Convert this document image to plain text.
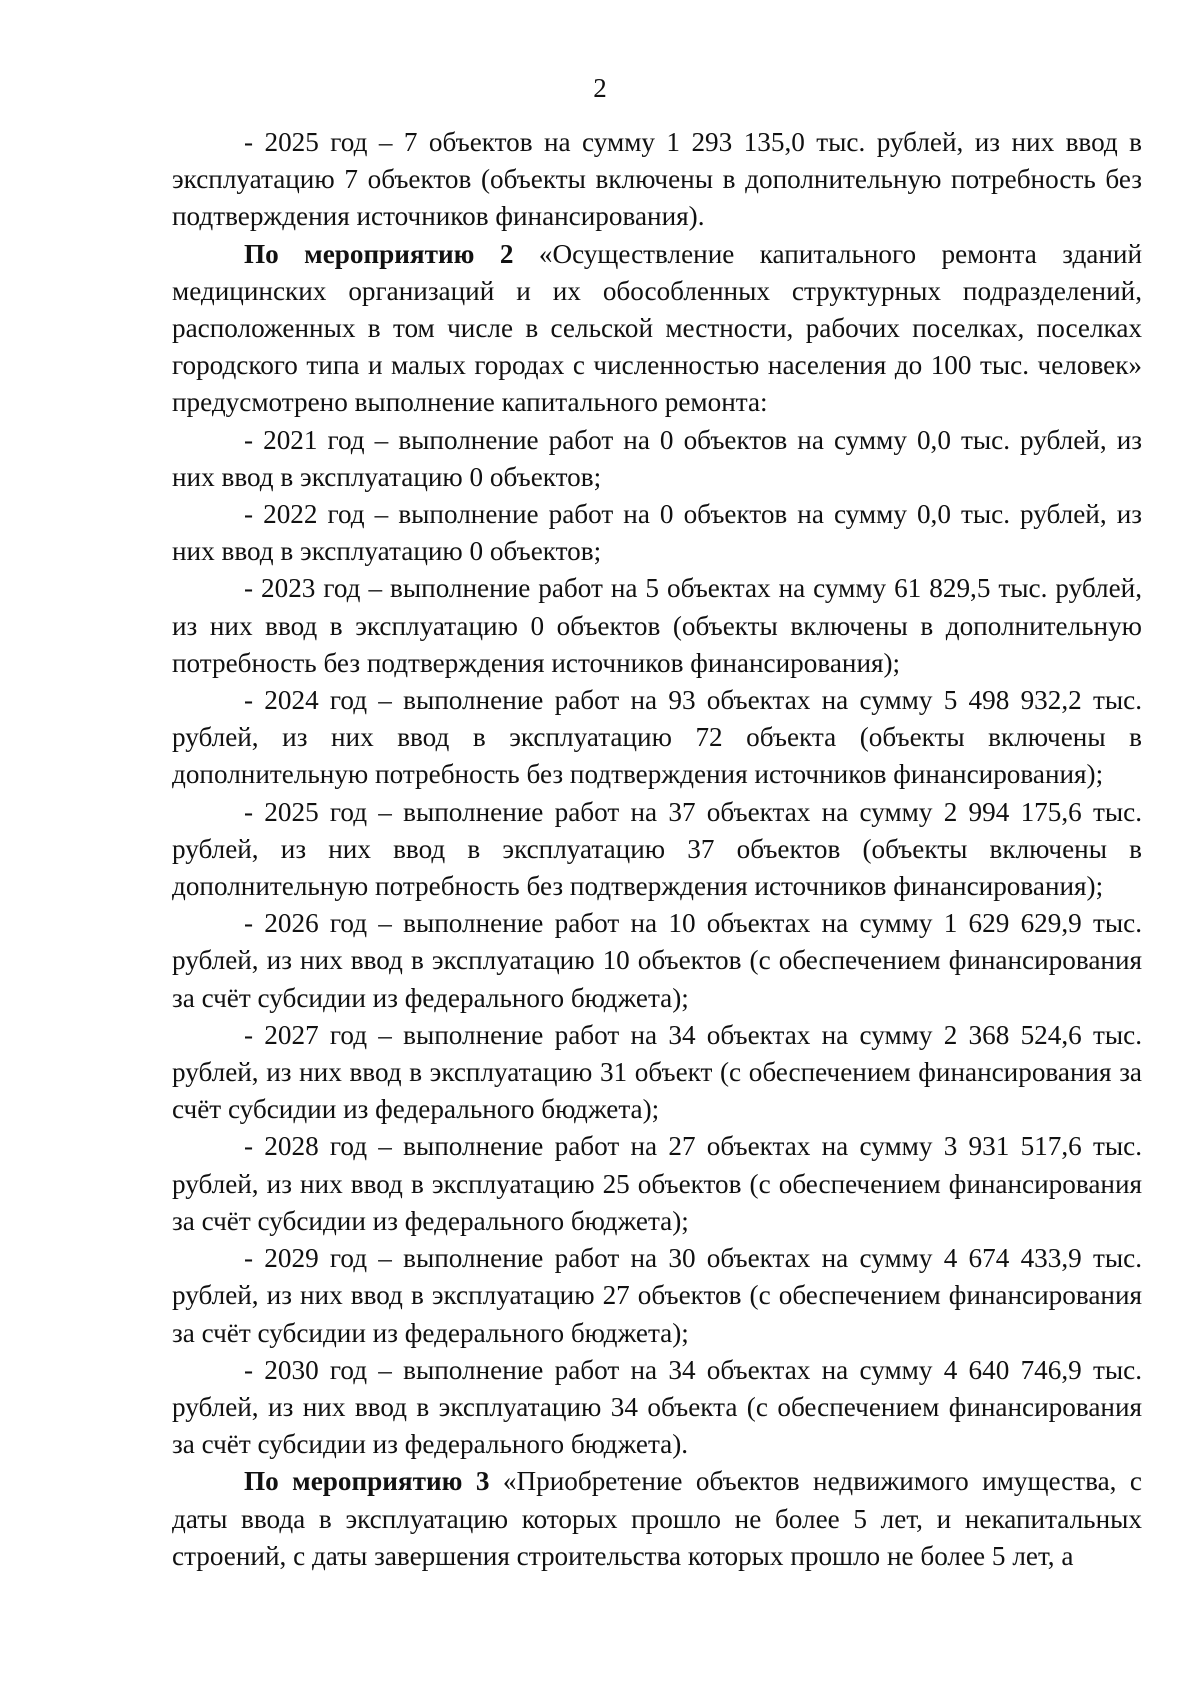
2

- 2025 год – 7 объектов на сумму 1 293 135,0 тыс. рублей, из них ввод в эксплуатацию 7 объектов (объекты включены в дополнительную потребность без подтверждения источников финансирования).

По мероприятию 2 «Осуществление капитального ремонта зданий медицинских организаций и их обособленных структурных подразделений, расположенных в том числе в сельской местности, рабочих поселках, поселках городского типа и малых городах с численностью населения до 100 тыс. человек» предусмотрено выполнение капитального ремонта:

- 2021 год – выполнение работ на 0 объектов на сумму 0,0 тыс. рублей, из них ввод в эксплуатацию 0 объектов;

- 2022 год – выполнение работ на 0 объектов на сумму 0,0 тыс. рублей, из них ввод в эксплуатацию 0 объектов;

- 2023 год – выполнение работ на 5 объектах на сумму 61 829,5 тыс. рублей, из них ввод в эксплуатацию 0 объектов (объекты включены в дополнительную потребность без подтверждения источников финансирования);

- 2024 год – выполнение работ на 93 объектах на сумму 5 498 932,2 тыс. рублей, из них ввод в эксплуатацию 72 объекта (объекты включены в дополнительную потребность без подтверждения источников финансирования);

- 2025 год – выполнение работ на 37 объектах на сумму 2 994 175,6 тыс. рублей, из них ввод в эксплуатацию 37 объектов (объекты включены в дополнительную потребность без подтверждения источников финансирования);

- 2026 год – выполнение работ на 10 объектах на сумму 1 629 629,9 тыс. рублей, из них ввод в эксплуатацию 10 объектов (с обеспечением финансирования за счёт субсидии из федерального бюджета);

- 2027 год – выполнение работ на 34 объектах на сумму 2 368 524,6 тыс. рублей, из них ввод в эксплуатацию 31 объект (с обеспечением финансирования за счёт субсидии из федерального бюджета);

- 2028 год – выполнение работ на 27 объектах на сумму 3 931 517,6 тыс. рублей, из них ввод в эксплуатацию 25 объектов (с обеспечением финансирования за счёт субсидии из федерального бюджета);

- 2029 год – выполнение работ на 30 объектах на сумму 4 674 433,9 тыс. рублей, из них ввод в эксплуатацию 27 объектов (с обеспечением финансирования за счёт субсидии из федерального бюджета);

- 2030 год – выполнение работ на 34 объектах на сумму 4 640 746,9 тыс. рублей, из них ввод в эксплуатацию 34 объекта (с обеспечением финансирования за счёт субсидии из федерального бюджета).

По мероприятию 3 «Приобретение объектов недвижимого имущества, с даты ввода в эксплуатацию которых прошло не более 5 лет, и некапитальных строений, с даты завершения строительства которых прошло не более 5 лет, а
